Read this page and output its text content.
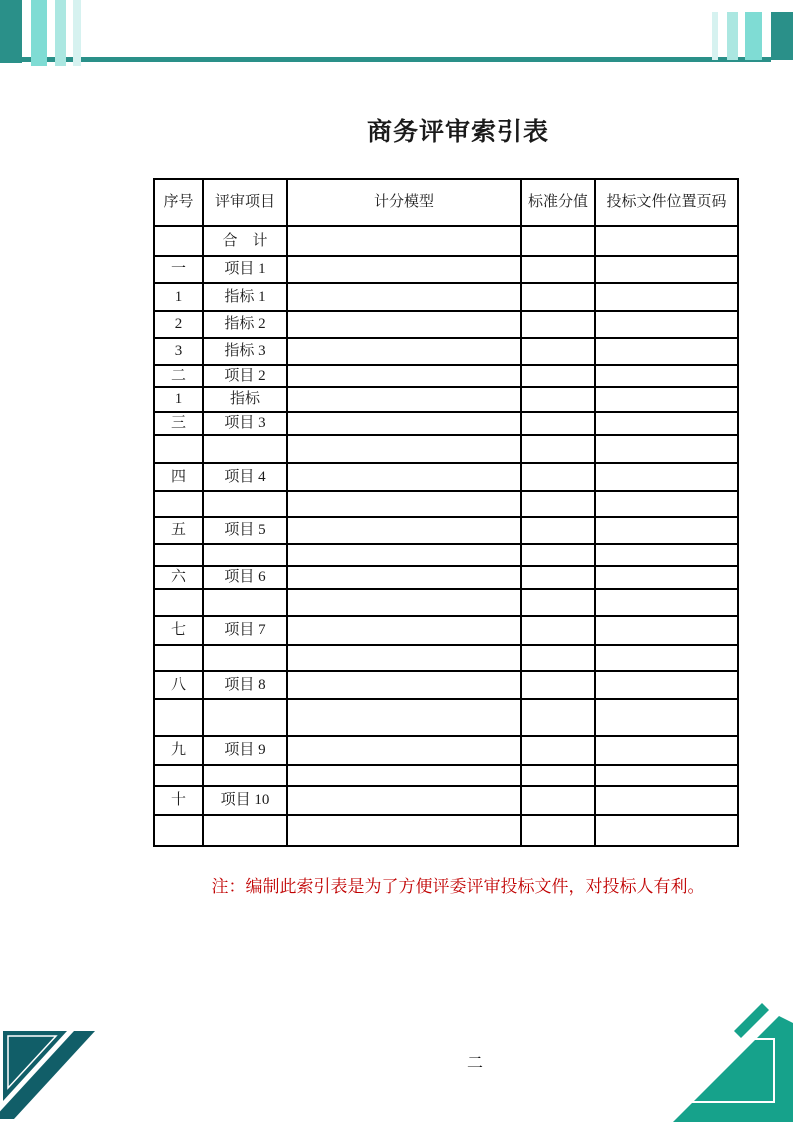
商务评审索引表
序号	评审项目	计分模型	标准分值	投标文件位置页码
	合　计			
一	项目 1			
1	指标 1			
2	指标 2			
3	指标 3			
二	项目 2			
1	指标			
三	项目 3			

四	项目 4			

五	项目 5			

六	项目 6			

七	项目 7			

八	项目 8			

九	项目 9			

十	项目 10			

注：编制此索引表是为了方便评委评审投标文件，对投标人有利。
二
